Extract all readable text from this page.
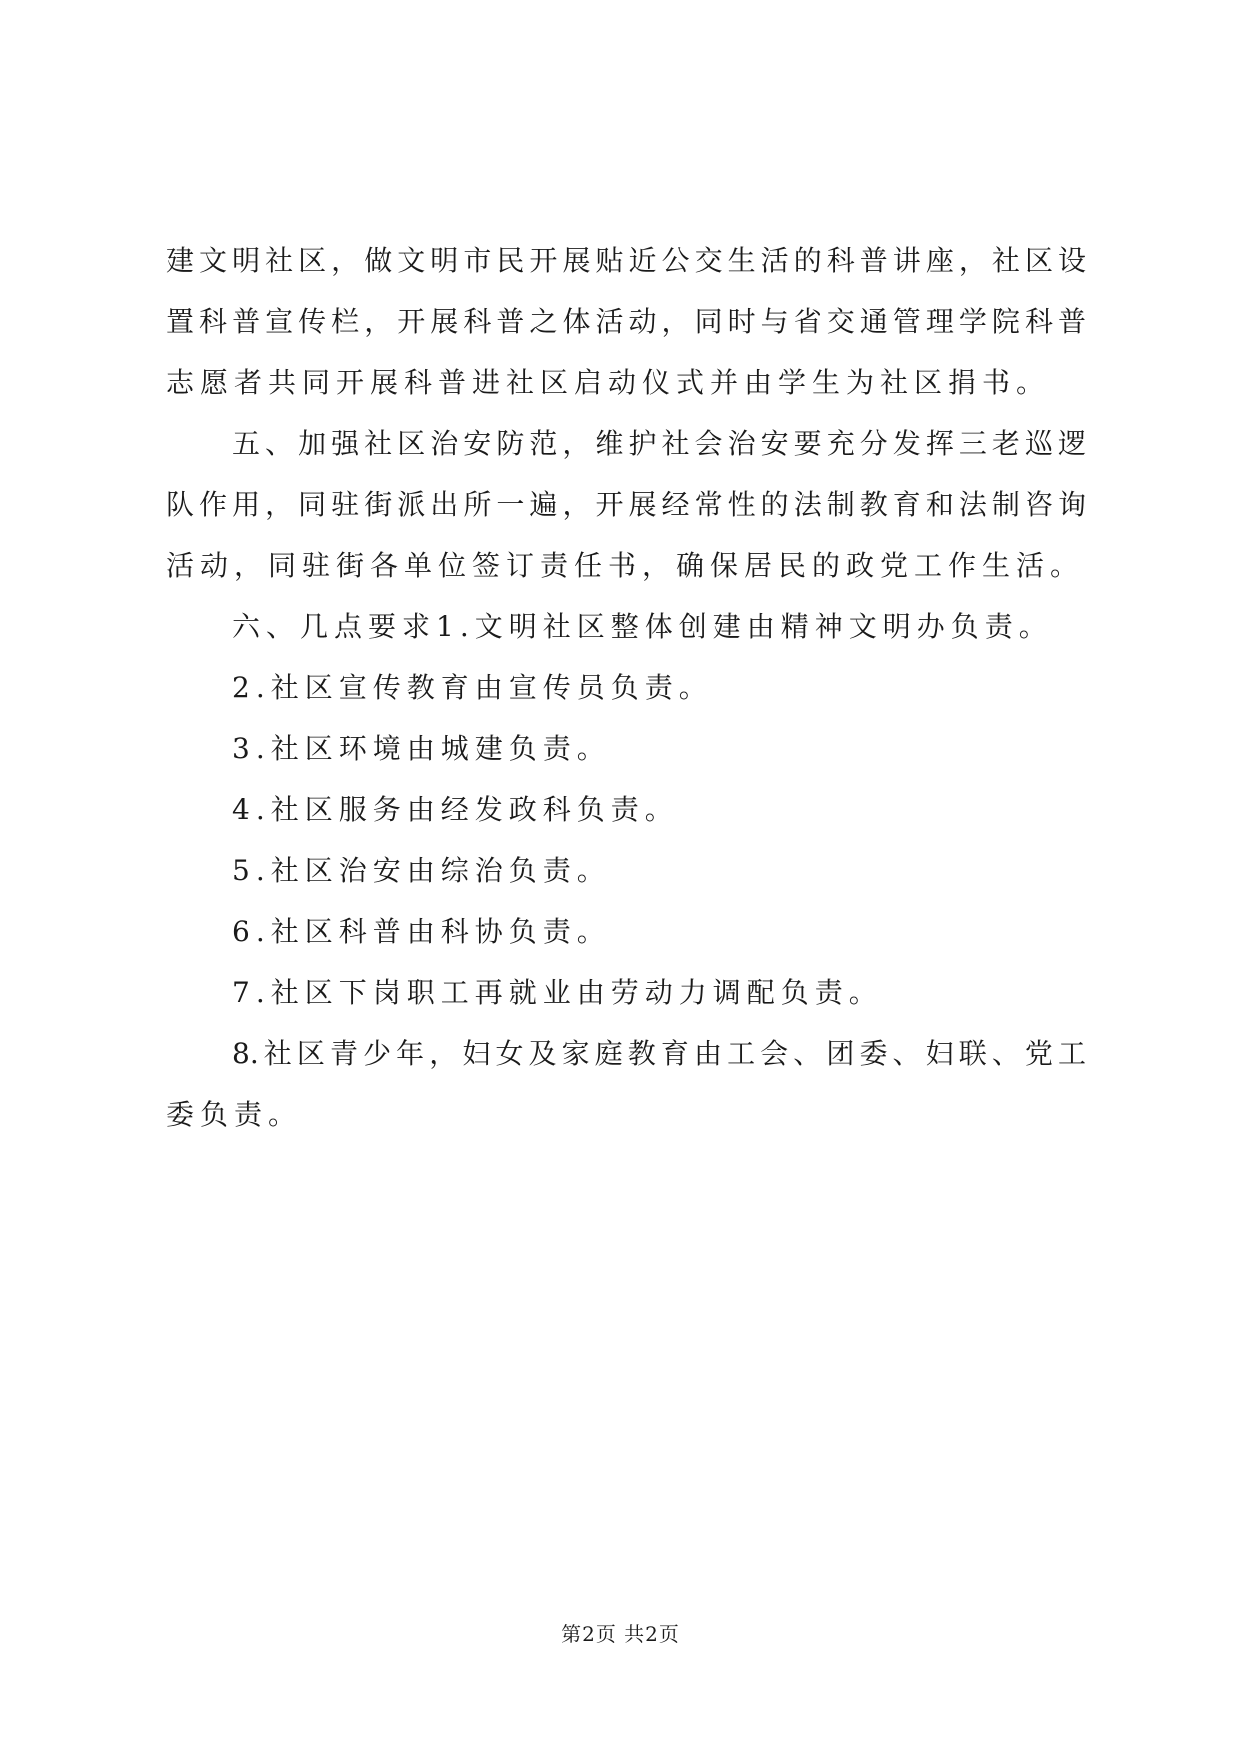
建文明社区，做文明市民开展贴近公交生活的科普讲座，社区设
置科普宣传栏，开展科普之体活动，同时与省交通管理学院科普
志愿者共同开展科普进社区启动仪式并由学生为社区捐书。
五、加强社区治安防范，维护社会治安要充分发挥三老巡逻
队作用，同驻街派出所一遍，开展经常性的法制教育和法制咨询
活动，同驻街各单位签订责任书，确保居民的政党工作生活。
六、几点要求1.文明社区整体创建由精神文明办负责。
2.社区宣传教育由宣传员负责。
3.社区环境由城建负责。
4.社区服务由经发政科负责。
5.社区治安由综治负责。
6.社区科普由科协负责。
7.社区下岗职工再就业由劳动力调配负责。
8.社区青少年，妇女及家庭教育由工会、团委、妇联、党工
委负责。
第2页 共2页
